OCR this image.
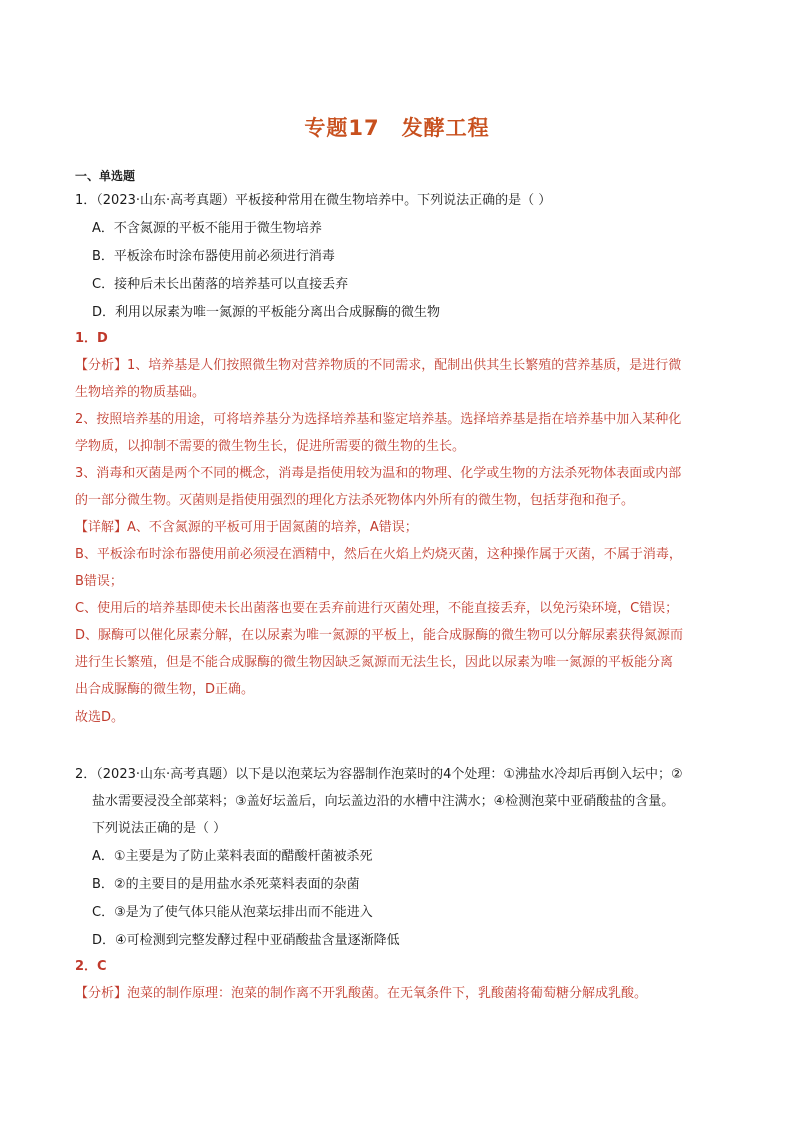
专题17　发酵工程
一、单选题
1．（2023·山东·高考真题）平板接种常用在微生物培养中。下列说法正确的是（ ）
A．不含氮源的平板不能用于微生物培养
B．平板涂布时涂布器使用前必须进行消毒
C．接种后未长出菌落的培养基可以直接丢弃
D．利用以尿素为唯一氮源的平板能分离出合成脲酶的微生物
1．D
【分析】1、培养基是人们按照微生物对营养物质的不同需求，配制出供其生长繁殖的营养基质，是进行微
生物培养的物质基础。
2、按照培养基的用途，可将培养基分为选择培养基和鉴定培养基。选择培养基是指在培养基中加入某种化
学物质，以抑制不需要的微生物生长，促进所需要的微生物的生长。
3、消毒和灭菌是两个不同的概念，消毒是指使用较为温和的物理、化学或生物的方法杀死物体表面或内部
的一部分微生物。灭菌则是指使用强烈的理化方法杀死物体内外所有的微生物，包括芽孢和孢子。
【详解】A、不含氮源的平板可用于固氮菌的培养，A错误；
B、平板涂布时涂布器使用前必须浸在酒精中，然后在火焰上灼烧灭菌，这种操作属于灭菌，不属于消毒，
B错误；
C、使用后的培养基即使未长出菌落也要在丢弃前进行灭菌处理，不能直接丢弃，以免污染环境，C错误；
D、脲酶可以催化尿素分解，在以尿素为唯一氮源的平板上，能合成脲酶的微生物可以分解尿素获得氮源而
进行生长繁殖，但是不能合成脲酶的微生物因缺乏氮源而无法生长，因此以尿素为唯一氮源的平板能分离
出合成脲酶的微生物，D正确。
故选D。
2．（2023·山东·高考真题）以下是以泡菜坛为容器制作泡菜时的4个处理：①沸盐水冷却后再倒入坛中；②
盐水需要浸没全部菜料；③盖好坛盖后，向坛盖边沿的水槽中注满水；④检测泡菜中亚硝酸盐的含量。
下列说法正确的是（ ）
A．①主要是为了防止菜料表面的醋酸杆菌被杀死
B．②的主要目的是用盐水杀死菜料表面的杂菌
C．③是为了使气体只能从泡菜坛排出而不能进入
D．④可检测到完整发酵过程中亚硝酸盐含量逐渐降低
2．C
【分析】泡菜的制作原理：泡菜的制作离不开乳酸菌。在无氧条件下，乳酸菌将葡萄糖分解成乳酸。
